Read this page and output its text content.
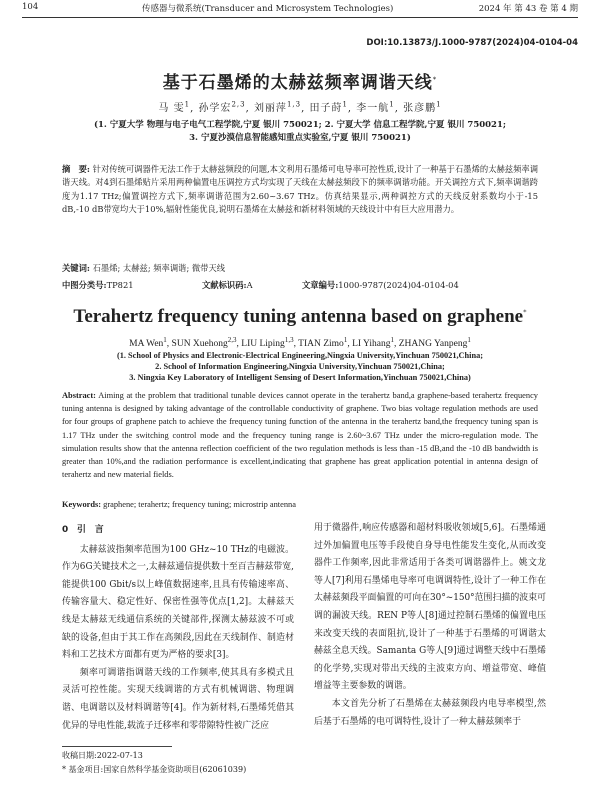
104	传感器与微系统(Transducer and Microsystem Technologies)	2024 年 第 43 卷 第 4 期
DOI:10.13873/J.1000-9787(2024)04-0104-04
基于石墨烯的太赫兹频率调谐天线*
马 雯$^1$, 孙学宏$^{2,3}$, 刘丽萍$^{1,3}$, 田子莳$^1$, 李一航$^1$, 张彦鹏$^1$
(1. 宁夏大学 物理与电子电气工程学院,宁夏 银川 750021; 2. 宁夏大学 信息工程学院,宁夏 银川 750021;
3. 宁夏沙漠信息智能感知重点实验室,宁夏 银川 750021)
摘　要: 针对传统可调器件无法工作于太赫兹频段的问题,本文利用石墨烯可电导率可控性质,设计了一种基于石墨烯的太赫兹频率调谐天线。对4到石墨烯贴片采用两种偏置电压调控方式均实现了天线在太赫兹频段下的频率调谐功能。开关调控方式下,频率调谐跨度为1.17 THz;偏置调控方式下,频率调谐范围为2.60~3.67 THz。仿真结果显示,两种调控方式的天线反射系数均小于-15 dB,-10 dB带宽均大于10%,辐射性能优良,说明石墨烯在太赫兹和新材料领域的天线设计中有巨大应用潜力。
关键词: 石墨烯; 太赫兹; 频率调谐; 微带天线
中图分类号:TP821	文献标识码:A	文章编号:1000-9787(2024)04-0104-04
Terahertz frequency tuning antenna based on graphene*
MA Wen$^1$, SUN Xuehong$^{2,3}$, LIU Liping$^{1,3}$, TIAN Zimo$^1$, LI Yihang$^1$, ZHANG Yanpeng$^1$
(1. School of Physics and Electronic-Electrical Engineering,Ningxia University,Yinchuan 750021,China;
2. School of Information Engineering,Ningxia University,Yinchuan 750021,China;
3. Ningxia Key Laboratory of Intelligent Sensing of Desert Information,Yinchuan 750021,China)
Abstract: Aiming at the problem that traditional tunable devices cannot operate in the terahertz band,a graphene-based terahertz frequency tuning antenna is designed by taking advantage of the controllable conductivity of graphene. Two bias voltage regulation methods are used for four groups of graphene patch to achieve the frequency tuning function of the antenna in the terahertz band,the frequency tuning span is 1.17 THz under the switching control mode and the frequency tuning range is 2.60~3.67 THz under the micro-regulation mode. The simulation results show that the antenna reflection coefficient of the two regulation methods is less than -15 dB,and the -10 dB bandwidth is greater than 10%,and the radiation performance is excellent,indicating that graphene has great application potential in antenna design of terahertz and new material fields.
Keywords: graphene; terahertz; frequency tuning; microstrip antenna
0　引　言
太赫兹波指频率范围为100 GHz~10 THz的电磁波。作为6G关键技术之一,太赫兹通信提供数十至百吉赫兹带宽,能提供100 Gbit/s以上峰值数据速率,且具有传输速率高、传输容量大、稳定性好、保密性强等优点[1,2]。太赫兹天线是太赫兹无线通信系统的关键部件,探测太赫兹波不可或缺的设备,但由于其工作在高频段,因此在天线制作、制造材料和工艺技术方面都有更为严格的要求[3]。
频率可调谐指调谐天线的工作频率,使其具有多模式且灵活可控性能。实现天线调谐的方式有机械调谐、物理调谐、电调谐以及材料调谐等[4]。作为新材料,石墨烯凭借其优异的导电性能,载流子迁移率和零带隙特性被广泛应
用于微器件,响应传感器和超材料吸收领域[5,6]。石墨烯通过外加偏置电压等手段使自身导电性能发生变化,从而改变器件工作频率,因此非常适用于各类可调谐器件上。姚文龙等人[7]利用石墨烯电导率可电调调特性,设计了一种工作在太赫兹频段平面偏置的可向在30°~150°范围扫描的波束可调的漏波天线。REN P等人[8]通过控制石墨烯的偏置电压来改变天线的表面阻抗,设计了一种基于石墨烯的可调谐太赫兹全息天线。Samanta G等人[9]通过调整天线中石墨烯的化学势,实现对带出天线的主波束方向、增益带宽、峰值增益等主要参数的调谐。
本文首先分析了石墨烯在太赫兹频段内电导率模型,然后基于石墨烯的电可调特性,设计了一种太赫兹频率于
收稿日期:2022-07-13
* 基金项目:国家自然科学基金资助项目(62061039)
